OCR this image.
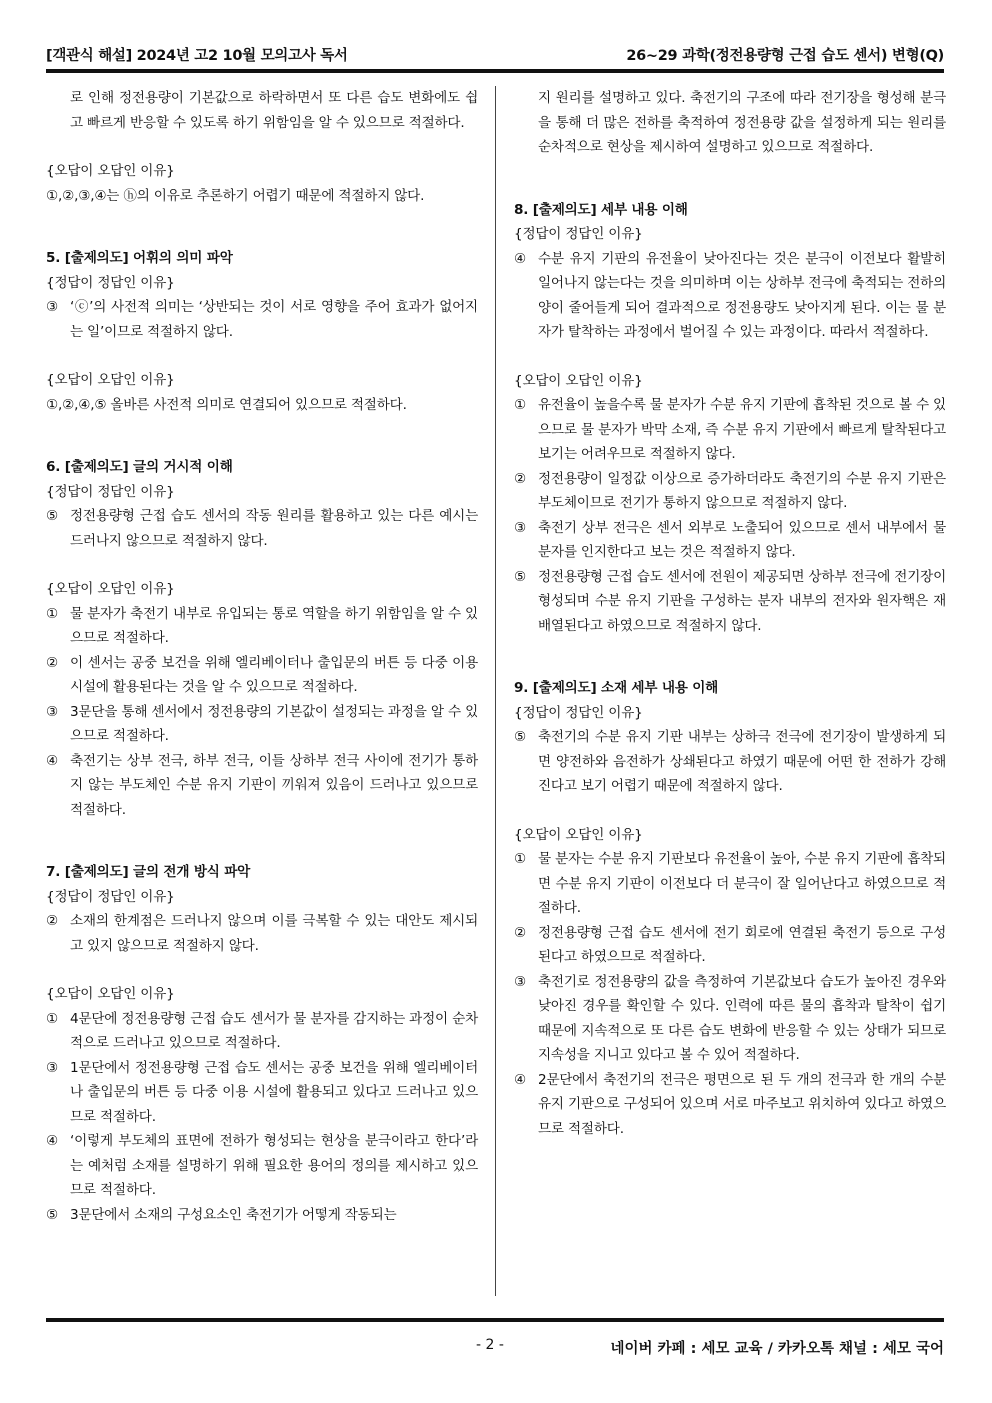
[객관식 해설] 2024년 고2 10월 모의고사 독서	26~29 과학(정전용량형 근접 습도 센서) 변형(Q)

로 인해 정전용량이 기본값으로 하락하면서 또 다른 습도 변화에도 쉽고 빠르게 반응할 수 있도록 하기 위함임을 알 수 있으므로 적절하다.

{오답이 오답인 이유}

①,②,③,④는 ⓗ의 이유로 추론하기 어렵기 때문에 적절하지 않다.

5. [출제의도] 어휘의 의미 파악

{정답이 정답인 이유}

③ ‘ⓒ’의 사전적 의미는 ‘상반되는 것이 서로 영향을 주어 효과가 없어지는 일’이므로 적절하지 않다.

{오답이 오답인 이유}

①,②,④,⑤ 올바른 사전적 의미로 연결되어 있으므로 적절하다.

6. [출제의도] 글의 거시적 이해

{정답이 정답인 이유}

⑤ 정전용량형 근접 습도 센서의 작동 원리를 활용하고 있는 다른 예시는 드러나지 않으므로 적절하지 않다.

{오답이 오답인 이유}

① 물 분자가 축전기 내부로 유입되는 통로 역할을 하기 위함임을 알 수 있으므로 적절하다.
② 이 센서는 공중 보건을 위해 엘리베이터나 출입문의 버튼 등 다중 이용 시설에 활용된다는 것을 알 수 있으므로 적절하다.
③ 3문단을 통해 센서에서 정전용량의 기본값이 설정되는 과정을 알 수 있으므로 적절하다.
④ 축전기는 상부 전극, 하부 전극, 이들 상하부 전극 사이에 전기가 통하지 않는 부도체인 수분 유지 기판이 끼워져 있음이 드러나고 있으므로 적절하다.

7. [출제의도] 글의 전개 방식 파악

{정답이 정답인 이유}

② 소재의 한계점은 드러나지 않으며 이를 극복할 수 있는 대안도 제시되고 있지 않으므로 적절하지 않다.

{오답이 오답인 이유}

① 4문단에 정전용량형 근접 습도 센서가 물 분자를 감지하는 과정이 순차적으로 드러나고 있으므로 적절하다.
③ 1문단에서 정전용량형 근접 습도 센서는 공중 보건을 위해 엘리베이터나 출입문의 버튼 등 다중 이용 시설에 활용되고 있다고 드러나고 있으므로 적절하다.
④ ‘이렇게 부도체의 표면에 전하가 형성되는 현상을 분극이라고 한다’라는 예처럼 소재를 설명하기 위해 필요한 용어의 정의를 제시하고 있으므로 적절하다.
⑤ 3문단에서 소재의 구성요소인 축전기가 어떻게 작동되는

지 원리를 설명하고 있다. 축전기의 구조에 따라 전기장을 형성해 분극을 통해 더 많은 전하를 축적하여 정전용량 값을 설정하게 되는 원리를 순차적으로 현상을 제시하여 설명하고 있으므로 적절하다.

8. [출제의도] 세부 내용 이해

{정답이 정답인 이유}

④ 수분 유지 기판의 유전율이 낮아진다는 것은 분극이 이전보다 활발히 일어나지 않는다는 것을 의미하며 이는 상하부 전극에 축적되는 전하의 양이 줄어들게 되어 결과적으로 정전용량도 낮아지게 된다. 이는 물 분자가 탈착하는 과정에서 벌어질 수 있는 과정이다. 따라서 적절하다.

{오답이 오답인 이유}

① 유전율이 높을수록 물 분자가 수분 유지 기판에 흡착된 것으로 볼 수 있으므로 물 분자가 박막 소재, 즉 수분 유지 기판에서 빠르게 탈착된다고 보기는 어려우므로 적절하지 않다.
② 정전용량이 일정값 이상으로 증가하더라도 축전기의 수분 유지 기판은 부도체이므로 전기가 통하지 않으므로 적절하지 않다.
③ 축전기 상부 전극은 센서 외부로 노출되어 있으므로 센서 내부에서 물 분자를 인지한다고 보는 것은 적절하지 않다.
⑤ 정전용량형 근접 습도 센서에 전원이 제공되면 상하부 전극에 전기장이 형성되며 수분 유지 기판을 구성하는 분자 내부의 전자와 원자핵은 재배열된다고 하였으므로 적절하지 않다.

9. [출제의도] 소재 세부 내용 이해

{정답이 정답인 이유}

⑤ 축전기의 수분 유지 기판 내부는 상하극 전극에 전기장이 발생하게 되면 양전하와 음전하가 상쇄된다고 하였기 때문에 어떤 한 전하가 강해진다고 보기 어렵기 때문에 적절하지 않다.

{오답이 오답인 이유}

① 물 분자는 수분 유지 기판보다 유전율이 높아, 수분 유지 기판에 흡착되면 수분 유지 기판이 이전보다 더 분극이 잘 일어난다고 하였으므로 적절하다.
② 정전용량형 근접 습도 센서에 전기 회로에 연결된 축전기 등으로 구성된다고 하였으므로 적절하다.
③ 축전기로 정전용량의 값을 측정하여 기본값보다 습도가 높아진 경우와 낮아진 경우를 확인할 수 있다. 인력에 따른 물의 흡착과 탈착이 쉽기 때문에 지속적으로 또 다른 습도 변화에 반응할 수 있는 상태가 되므로 지속성을 지니고 있다고 볼 수 있어 적절하다.
④ 2문단에서 축전기의 전극은 평면으로 된 두 개의 전극과 한 개의 수분 유지 기판으로 구성되어 있으며 서로 마주보고 위치하여 있다고 하였으므로 적절하다.
- 2 -	네이버 카페 : 세모 교육 / 카카오톡 채널 : 세모 국어
